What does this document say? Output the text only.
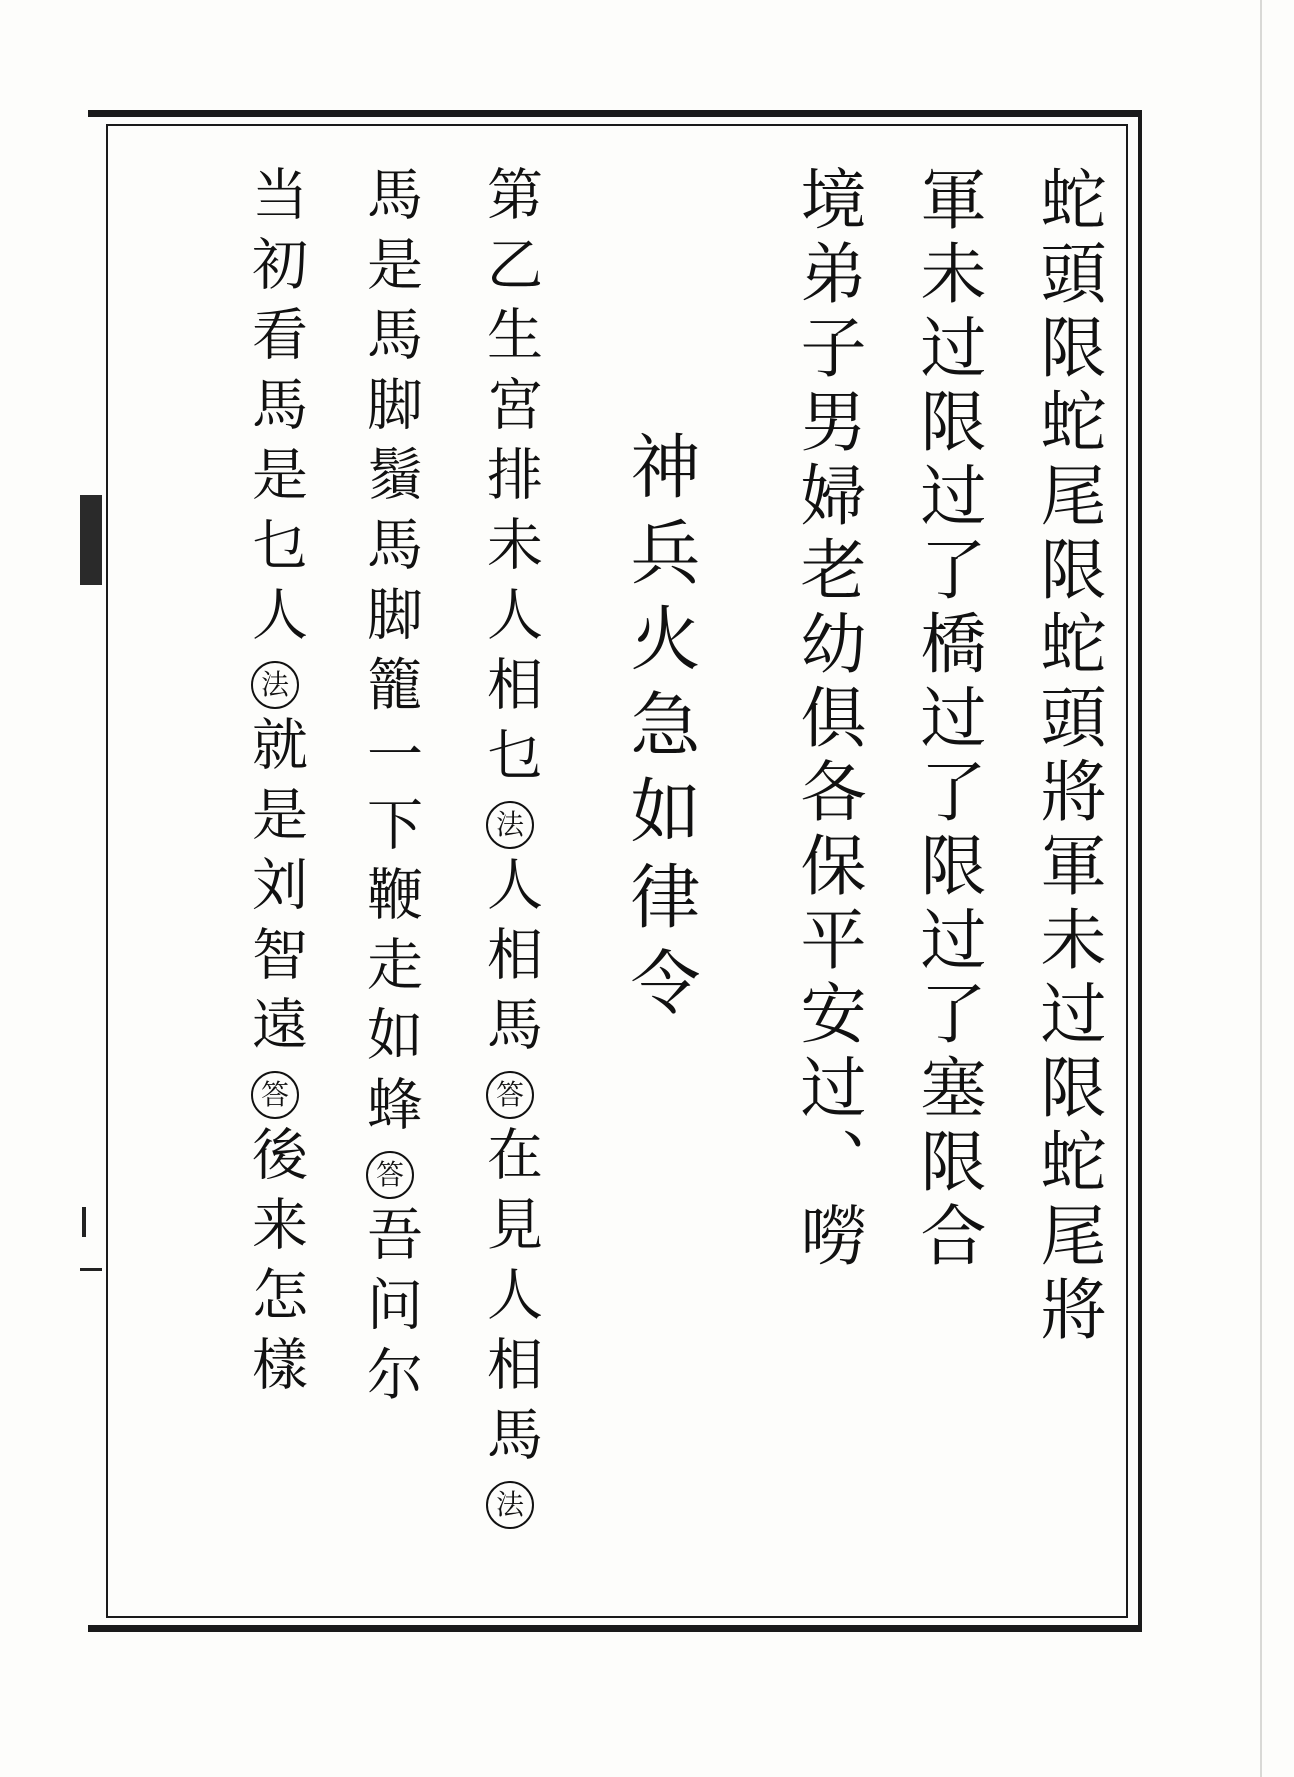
蛇頭限蛇尾限蛇頭將軍未过限蛇尾將
軍未过限过了橋过了限过了塞限合
境弟子男婦老幼俱各保平安过、嘮
神兵火急如律令
第乙生宮排未人相乜法人相馬答在見人相馬法
馬是馬脚鬚馬脚籠一下鞭走如蜂答吾问尔
当初看馬是乜人法就是刘智遠答後来怎樣
